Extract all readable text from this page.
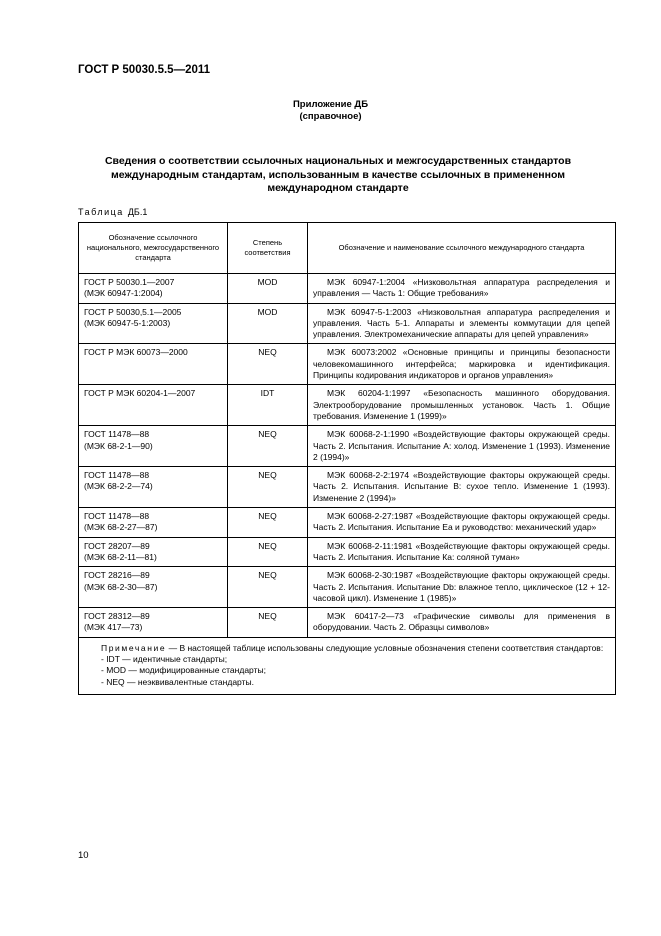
ГОСТ Р 50030.5.5—2011
Приложение ДБ
(справочное)
Сведения о соответствии ссылочных национальных и межгосударственных стандартов
международным стандартам, использованным в качестве ссылочных в примененном
международном стандарте
Таблица ДБ.1
Обозначение ссылочного национального, межгосударственного стандарта	Степень соответствия	Обозначение и наименование ссылочного международного стандарта

ГОСТ Р 50030.1—2007
(МЭК 60947-1:2004)	MOD	МЭК 60947-1:2004 «Низковольтная аппаратура распределения и управления — Часть 1: Общие требования»

ГОСТ Р 50030,5.1—2005
(МЭК 60947-5-1:2003)	MOD	МЭК 60947-5-1:2003 «Низковольтная аппаратура распределения и управления. Часть 5-1. Аппараты и элементы коммутации для цепей управления. Электромеханические аппараты для цепей управления»

ГОСТ Р МЭК 60073—2000	NEQ	МЭК 60073:2002 «Основные принципы и принципы безопасности человекомашинного интерфейса; маркировка и идентификация. Принципы кодирования индикаторов и органов управления»

ГОСТ Р МЭК 60204-1—2007	IDT	МЭК 60204-1:1997 «Безопасность машинного оборудования. Электрооборудование промышленных установок. Часть 1. Общие требования. Изменение 1 (1999)»

ГОСТ 11478—88
(МЭК 68-2-1—90)	NEQ	МЭК 60068-2-1:1990 «Воздействующие факторы окружающей среды. Часть 2. Испытания. Испытание А: холод. Изменение 1 (1993). Изменение 2 (1994)»

ГОСТ 11478—88
(МЭК 68-2-2—74)	NEQ	МЭК 60068-2-2:1974 «Воздействующие факторы окружающей среды. Часть 2. Испытания. Испытание В: сухое тепло. Изменение 1 (1993). Изменение 2 (1994)»

ГОСТ 11478—88
(МЭК 68-2-27—87)	NEQ	МЭК 60068-2-27:1987 «Воздействующие факторы окружающей среды. Часть 2. Испытания. Испытание Еа и руководство: механический удар»

ГОСТ 28207—89
(МЭК 68-2-11—81)	NEQ	МЭК 60068-2-11:1981 «Воздействующие факторы окружающей среды. Часть 2. Испытания. Испытание Ка: соляной туман»

ГОСТ 28216—89
(МЭК 68-2-30—87)	NEQ	МЭК 60068-2-30:1987 «Воздействующие факторы окружающей среды. Часть 2. Испытания. Испытание Db: влажное тепло, циклическое (12 + 12-часовой цикл). Изменение 1 (1985)»

ГОСТ 28312—89
(МЭК 417—73)	NEQ	МЭК 60417-2—73 «Графические символы для применения в оборудовании. Часть 2. Образцы символов»

Примечание — В настоящей таблице использованы следующие условные обозначения степени соответствия стандартов:
- IDT — идентичные стандарты;
- MOD — модифицированные стандарты;
- NEQ — неэквивалентные стандарты.		
10
